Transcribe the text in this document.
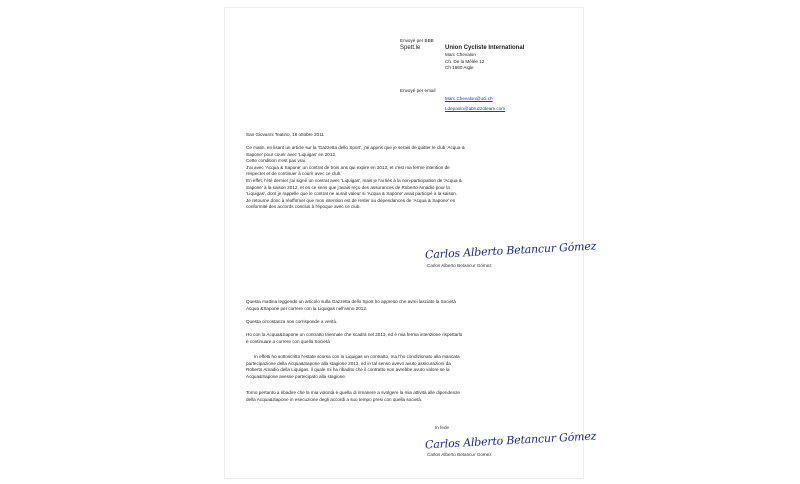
Envoyé per BBB
Spett.le	Union Cycliste International
Marc Chevalon
Ch. De la Mêlée 12
Ch 1860 Aigle
Envoyé per email
Marc.Chevalon@uci.ch
Ldepaolo@abruzzoteam.com
San Giovanni Teatino, 18 ottobre 2011
Ce matin, en lisant un article sur la 'Gazzetta dello Sport', j'ai appris que je serais de quitter le club 'Acqua &
Sapone' pour courir avec 'Liquigas' en 2012.
Cette condition n'est pas vrai.
J'ai avec 'Acqua & Sapone' un contrat de trois ans qui expire en 2013, et c'est ma ferme intention de
respecter et de continuer à courir avec ce club.
En effet, l'été dernier j'ai signé un contrat avec 'Liquigas', mais je l'ai liés à la non-participation de 'Acqua &
Sapone' à la saison 2012, et en ce sens que j'avais reçu des assurances de Roberto Amadio pour la
'Liquigas', dont je rappelle que le contrat ne aurait valeur si 'Acqua & Sapone' avait participé à la saison.
Je retourne donc à réaffirmer que mon intention est de rester au dépendances de 'Acqua & Sapone' en
conformité des accords conclus à l'époque avec ce club.
Carlos Alberto Betancur Gómez
Carlos Alberto Betancur Gómez
Questa mattina leggendo un articolo sulla Gazzetta dello Sport ho appreso che avrei lasciato la Società
Acqua &Sapone per correre con la Liquigas nell'anno 2012.
Questa circostanza non corrisponde a verità.
Ho con la Acqua&Sapone un contratto triennale che scadrà nel 2013, ed è mia ferma intenzione rispettarlo
e continuare a correre con quella Società
In effetti ho sottoscritto l'estate scorsa con la Liquigas un contratto, ma l'ho condizionato alla mancata
partecipazione della Acqua&Sapone alla stagione 2012, ed in tal senso avevo avuto assicurazioni da
Roberto Amadio della Liquigas, il quale mi ha ribadito che il contratto non avrebbe avuto valore se la
Acqua&Sapone avesse partecipato alla stagione.
Torno pertanto a ribadire che la mia volontà è quella di rimanere a svolgere la mia attività alle dipendenze
della Acqua&Sapone in esecuzione degli accordi a suo tempo presi con quella società.
In fede
Carlos Alberto Betancur Gómez
Carlos Alberto Betancur Gomez
